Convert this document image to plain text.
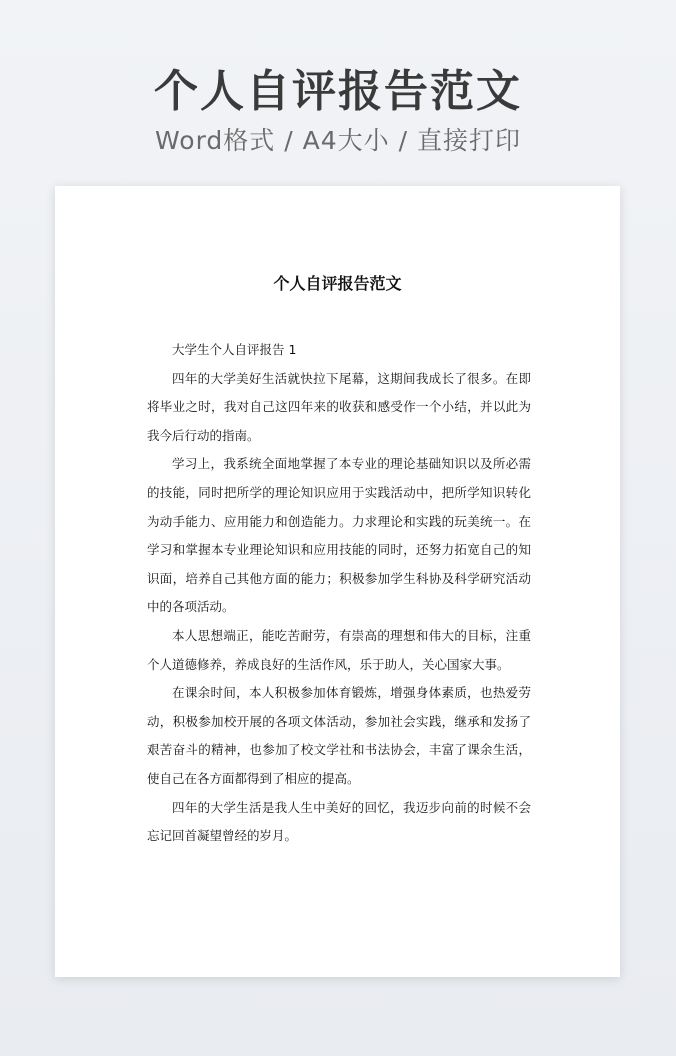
个人自评报告范文
Word格式 / A4大小 / 直接打印
个人自评报告范文

大学生个人自评报告 1

四年的大学美好生活就快拉下尾幕，这期间我成长了很多。在即将毕业之时，我对自己这四年来的收获和感受作一个小结，并以此为我今后行动的指南。

学习上，我系统全面地掌握了本专业的理论基础知识以及所必需的技能，同时把所学的理论知识应用于实践活动中，把所学知识转化为动手能力、应用能力和创造能力。力求理论和实践的玩美统一。在学习和掌握本专业理论知识和应用技能的同时，还努力拓宽自己的知识面，培养自己其他方面的能力；积极参加学生科协及科学研究活动中的各项活动。

本人思想端正，能吃苦耐劳，有崇高的理想和伟大的目标，注重个人道德修养，养成良好的生活作风，乐于助人，关心国家大事。

在课余时间，本人积极参加体育锻炼，增强身体素质，也热爱劳动，积极参加校开展的各项文体活动，参加社会实践，继承和发扬了艰苦奋斗的精神，也参加了校文学社和书法协会，丰富了课余生活，使自己在各方面都得到了相应的提高。

四年的大学生活是我人生中美好的回忆，我迈步向前的时候不会忘记回首凝望曾经的岁月。
